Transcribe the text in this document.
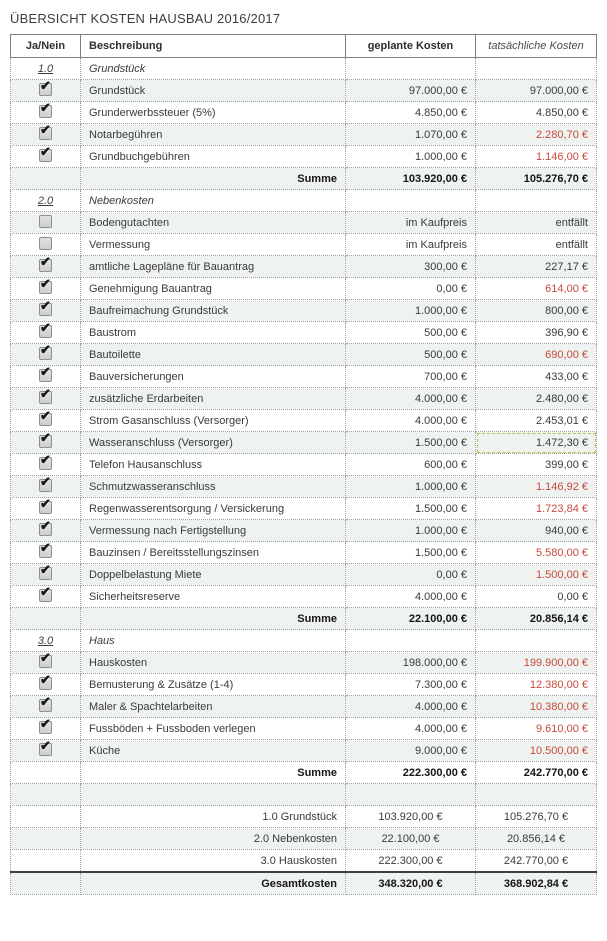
ÜBERSICHT KOSTEN HAUSBAU 2016/2017
Ja/Nein	Beschreibung	geplante Kosten	tatsächliche Kosten
1.0	Grundstück		
✔	Grundstück	97.000,00 €	97.000,00 €
✔	Grunderwerbssteuer (5%)	4.850,00 €	4.850,00 €
✔	Notarbegühren	1.070,00 €	2.280,70 €
✔	Grundbuchgebühren	1.000,00 €	1.146,00 €
	Summe	103.920,00 €	105.276,70 €
2.0	Nebenkosten		
	Bodengutachten	im Kaufpreis	entfällt
	Vermessung	im Kaufpreis	entfällt
✔	amtliche Lagepläne für Bauantrag	300,00 €	227,17 €
✔	Genehmigung Bauantrag	0,00 €	614,00 €
✔	Baufreimachung Grundstück	1.000,00 €	800,00 €
✔	Baustrom	500,00 €	396,90 €
✔	Bautoilette	500,00 €	690,00 €
✔	Bauversicherungen	700,00 €	433,00 €
✔	zusätzliche Erdarbeiten	4.000,00 €	2.480,00 €
✔	Strom Gasanschluss (Versorger)	4.000,00 €	2.453,01 €
✔	Wasseranschluss (Versorger)	1.500,00 €	1.472,30 €
✔	Telefon Hausanschluss	600,00 €	399,00 €
✔	Schmutzwasseranschluss	1.000,00 €	1.146,92 €
✔	Regenwasserentsorgung / Versickerung	1.500,00 €	1.723,84 €
✔	Vermessung nach Fertigstellung	1.000,00 €	940,00 €
✔	Bauzinsen / Bereitsstellungszinsen	1.500,00 €	5.580,00 €
✔	Doppelbelastung Miete	0,00 €	1.500,00 €
✔	Sicherheitsreserve	4.000,00 €	0,00 €
	Summe	22.100,00 €	20.856,14 €
3.0	Haus		
✔	Hauskosten	198.000,00 €	199.900,00 €
✔	Bemusterung & Zusätze (1-4)	7.300,00 €	12.380,00 €
✔	Maler & Spachtelarbeiten	4.000,00 €	10.380,00 €
✔	Fussböden + Fussboden verlegen	4.000,00 €	9.610,00 €
✔	Küche	9.000,00 €	10.500,00 €
	Summe	222.300,00 €	242.770,00 €

	1.0 Grundstück	103.920,00 €	105.276,70 €
	2.0 Nebenkosten	22.100,00 €	20.856,14 €
	3.0 Hauskosten	222.300,00 €	242.770,00 €
	Gesamtkosten	348.320,00 €	368.902,84 €
